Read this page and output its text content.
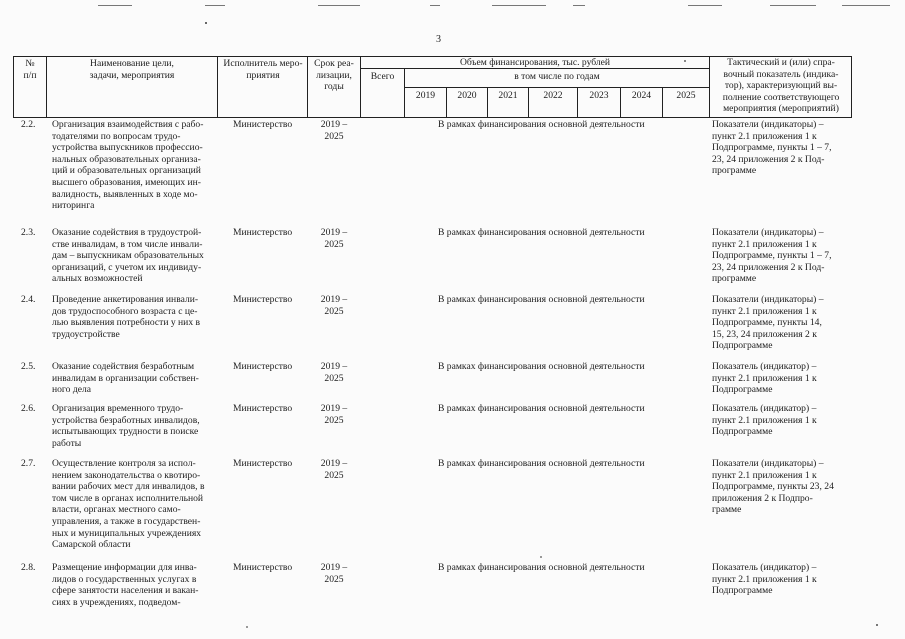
3
№
п/п
Наименование цели,
задачи, мероприятия
Исполнитель меро-
приятия
Срок реа-
лизации,
годы
Объем финансирования, тыс. рублей
Всего	в том числе по годам
2019	2020	2021	2022	2023	2024	2025
Тактический и (или) спра-
вочный показатель (индика-
тор), характеризующий вы-
полнение соответствующего
мероприятия (мероприятий)
2.2. Организация взаимодействия с рабо-
тодателями по вопросам трудо-
устройства выпускников профессио-
нальных образовательных организа-
ций и образовательных организаций
высшего образования, имеющих ин-
валидность, выявленных в ходе мо-
ниторинга
Министерство	2019 –
2025
В рамках финансирования основной деятельности	Показатели (индикаторы) –
пункт 2.1 приложения 1 к
Подпрограмме, пункты 1 – 7,
23, 24 приложения 2 к Под-
программе
2.3. Оказание содействия в трудоустрой-
стве инвалидам, в том числе инвали-
дам – выпускникам образовательных
организаций, с учетом их индивиду-
альных возможностей
Министерство	2019 –
2025
В рамках финансирования основной деятельности	Показатели (индикаторы) –
пункт 2.1 приложения 1 к
Подпрограмме, пункты 1 – 7,
23, 24 приложения 2 к Под-
программе
2.4. Проведение анкетирования инвали-
дов трудоспособного возраста с це-
лью выявления потребности у них в
трудоустройстве
Министерство	2019 –
2025
В рамках финансирования основной деятельности	Показатели (индикаторы) –
пункт 2.1 приложения 1 к
Подпрограмме, пункты 14,
15, 23, 24 приложения 2 к
Подпрограмме
2.5. Оказание содействия безработным
инвалидам в организации собствен-
ного дела
Министерство	2019 –
2025
В рамках финансирования основной деятельности	Показатель (индикатор) –
пункт 2.1 приложения 1 к
Подпрограмме
2.6. Организация временного трудо-
устройства безработных инвалидов,
испытывающих трудности в поиске
работы
Министерство	2019 –
2025
В рамках финансирования основной деятельности	Показатель (индикатор) –
пункт 2.1 приложения 1 к
Подпрограмме
2.7. Осуществление контроля за испол-
нением законодательства о квотиро-
вании рабочих мест для инвалидов, в
том числе в органах исполнительной
власти, органах местного само-
управления, а также в государствен-
ных и муниципальных учреждениях
Самарской области
Министерство	2019 –
2025
В рамках финансирования основной деятельности	Показатели (индикаторы) –
пункт 2.1 приложения 1 к
Подпрограмме, пункты 23, 24
приложения 2 к Подпро-
грамме
2.8. Размещение информации для инва-
лидов о государственных услугах в
сфере занятости населения и вакан-
сиях в учреждениях, подведом-
Министерство	2019 –
2025
В рамках финансирования основной деятельности	Показатель (индикатор) –
пункт 2.1 приложения 1 к
Подпрограмме
